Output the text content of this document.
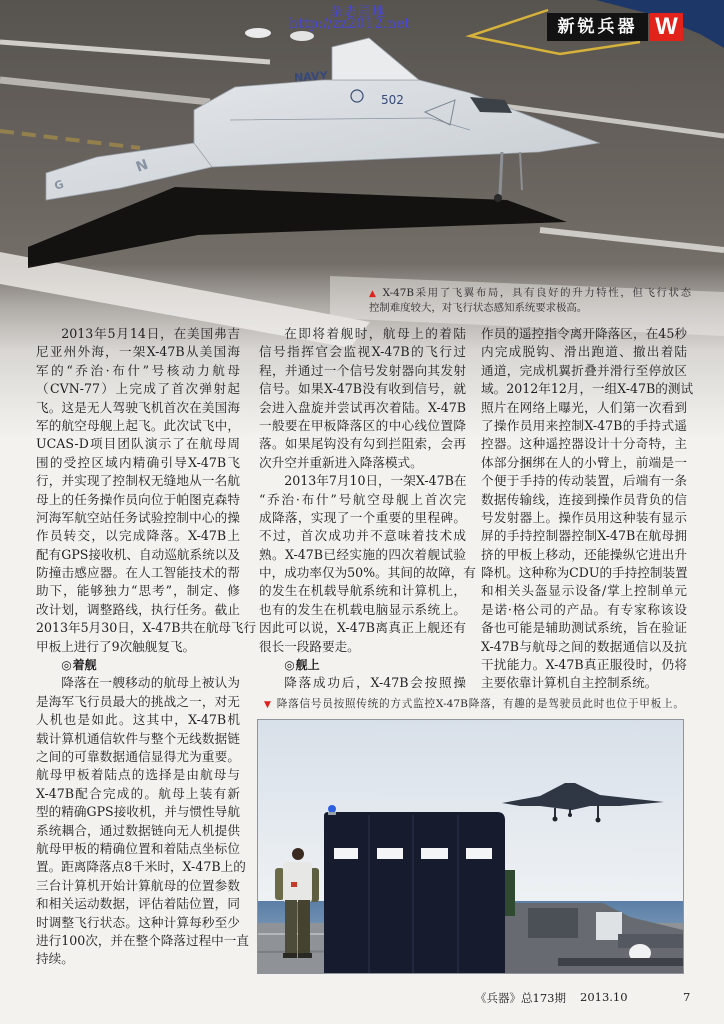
杂志园地
http://zz2012.net	新锐兵器 W
▲ X-47B采用了飞翼布局，具有良好的升力特性，但飞行状态
控制难度较大，对飞行状态感知系统要求极高。
2013年5月14日，在美国弗吉
尼亚州外海，一架X-47B从美国海
军的“乔治·布什”号核动力航母
（CVN-77）上完成了首次弹射起
飞。这是无人驾驶飞机首次在美国海
军的航空母舰上起飞。此次试飞中，
UCAS-D项目团队演示了在航母周
围的受控区域内精确引导X-47B飞
行，并实现了控制权无缝地从一名航
母上的任务操作员向位于帕图克森特
河海军航空站任务试验控制中心的操
作员转交，以完成降落。X-47B上
配有GPS接收机、自动巡航系统以及
防撞击感应器。在人工智能技术的帮
助下，能够独力“思考”，制定、修
改计划，调整路线，执行任务。截止
2013年5月30日，X-47B共在航母飞行
甲板上进行了9次触舰复飞。
◎着舰
降落在一艘移动的航母上被认为
是海军飞行员最大的挑战之一，对无
人机也是如此。这其中，X-47B机
载计算机通信软件与整个无线数据链
之间的可靠数据通信显得尤为重要。
航母甲板着陆点的选择是由航母与
X-47B配合完成的。航母上装有新
型的精确GPS接收机，并与惯性导航
系统耦合，通过数据链向无人机提供
航母甲板的精确位置和着陆点坐标位
置。距离降落点8千米时，X-47B上的
三台计算机开始计算航母的位置参数
和相关运动数据，评估着陆位置，同
时调整飞行状态。这种计算每秒至少
进行100次，并在整个降落过程中一直
持续。
在即将着舰时，航母上的着陆
信号指挥官会监视X-47B的飞行过
程，并通过一个信号发射器向其发射
信号。如果X-47B没有收到信号，就
会进入盘旋并尝试再次着陆。X-47B
一般要在甲板降落区的中心线位置降
落。如果尾钩没有勾到拦阻索，会再
次升空并重新进入降落模式。
2013年7月10日，一架X-47B在
“乔治·布什”号航空母舰上首次完
成降落，实现了一个重要的里程碑。
不过，首次成功并不意味着技术成
熟。X-47B已经实施的四次着舰试验
中，成功率仅为50%。其间的故障，有
的发生在机载导航系统和计算机上，
也有的发生在机载电脑显示系统上。
因此可以说，X-47B离真正上舰还有
很长一段路要走。
◎舰上
降落成功后，X-47B会按照操
作员的遥控指令离开降落区，在45秒
内完成脱钩、滑出跑道、撤出着陆
通道，完成机翼折叠并滑行至停放区
域。2012年12月，一组X-47B的测试
照片在网络上曝光，人们第一次看到
了操作员用来控制X-47B的手持式遥
控器。这种遥控器设计十分奇特，主
体部分捆绑在人的小臂上，前端是一
个便于手持的传动装置，后端有一条
数据传输线，连接到操作员背负的信
号发射器上。操作员用这种装有显示
屏的手持控制器控制X-47B在航母拥
挤的甲板上移动，还能操纵它进出升
降机。这种称为CDU的手持控制装置
和相关头盔显示设备/掌上控制单元
是诺·格公司的产品。有专家称该设
备也可能是辅助测试系统，旨在验证
X-47B与航母之间的数据通信以及抗
干扰能力。X-47B真正服役时，仍将
主要依靠计算机自主控制系统。
▼ 降落信号员按照传统的方式监控X-47B降落，有趣的是驾驶员此时也位于甲板上。
《兵器》总173期 2013.10	7
